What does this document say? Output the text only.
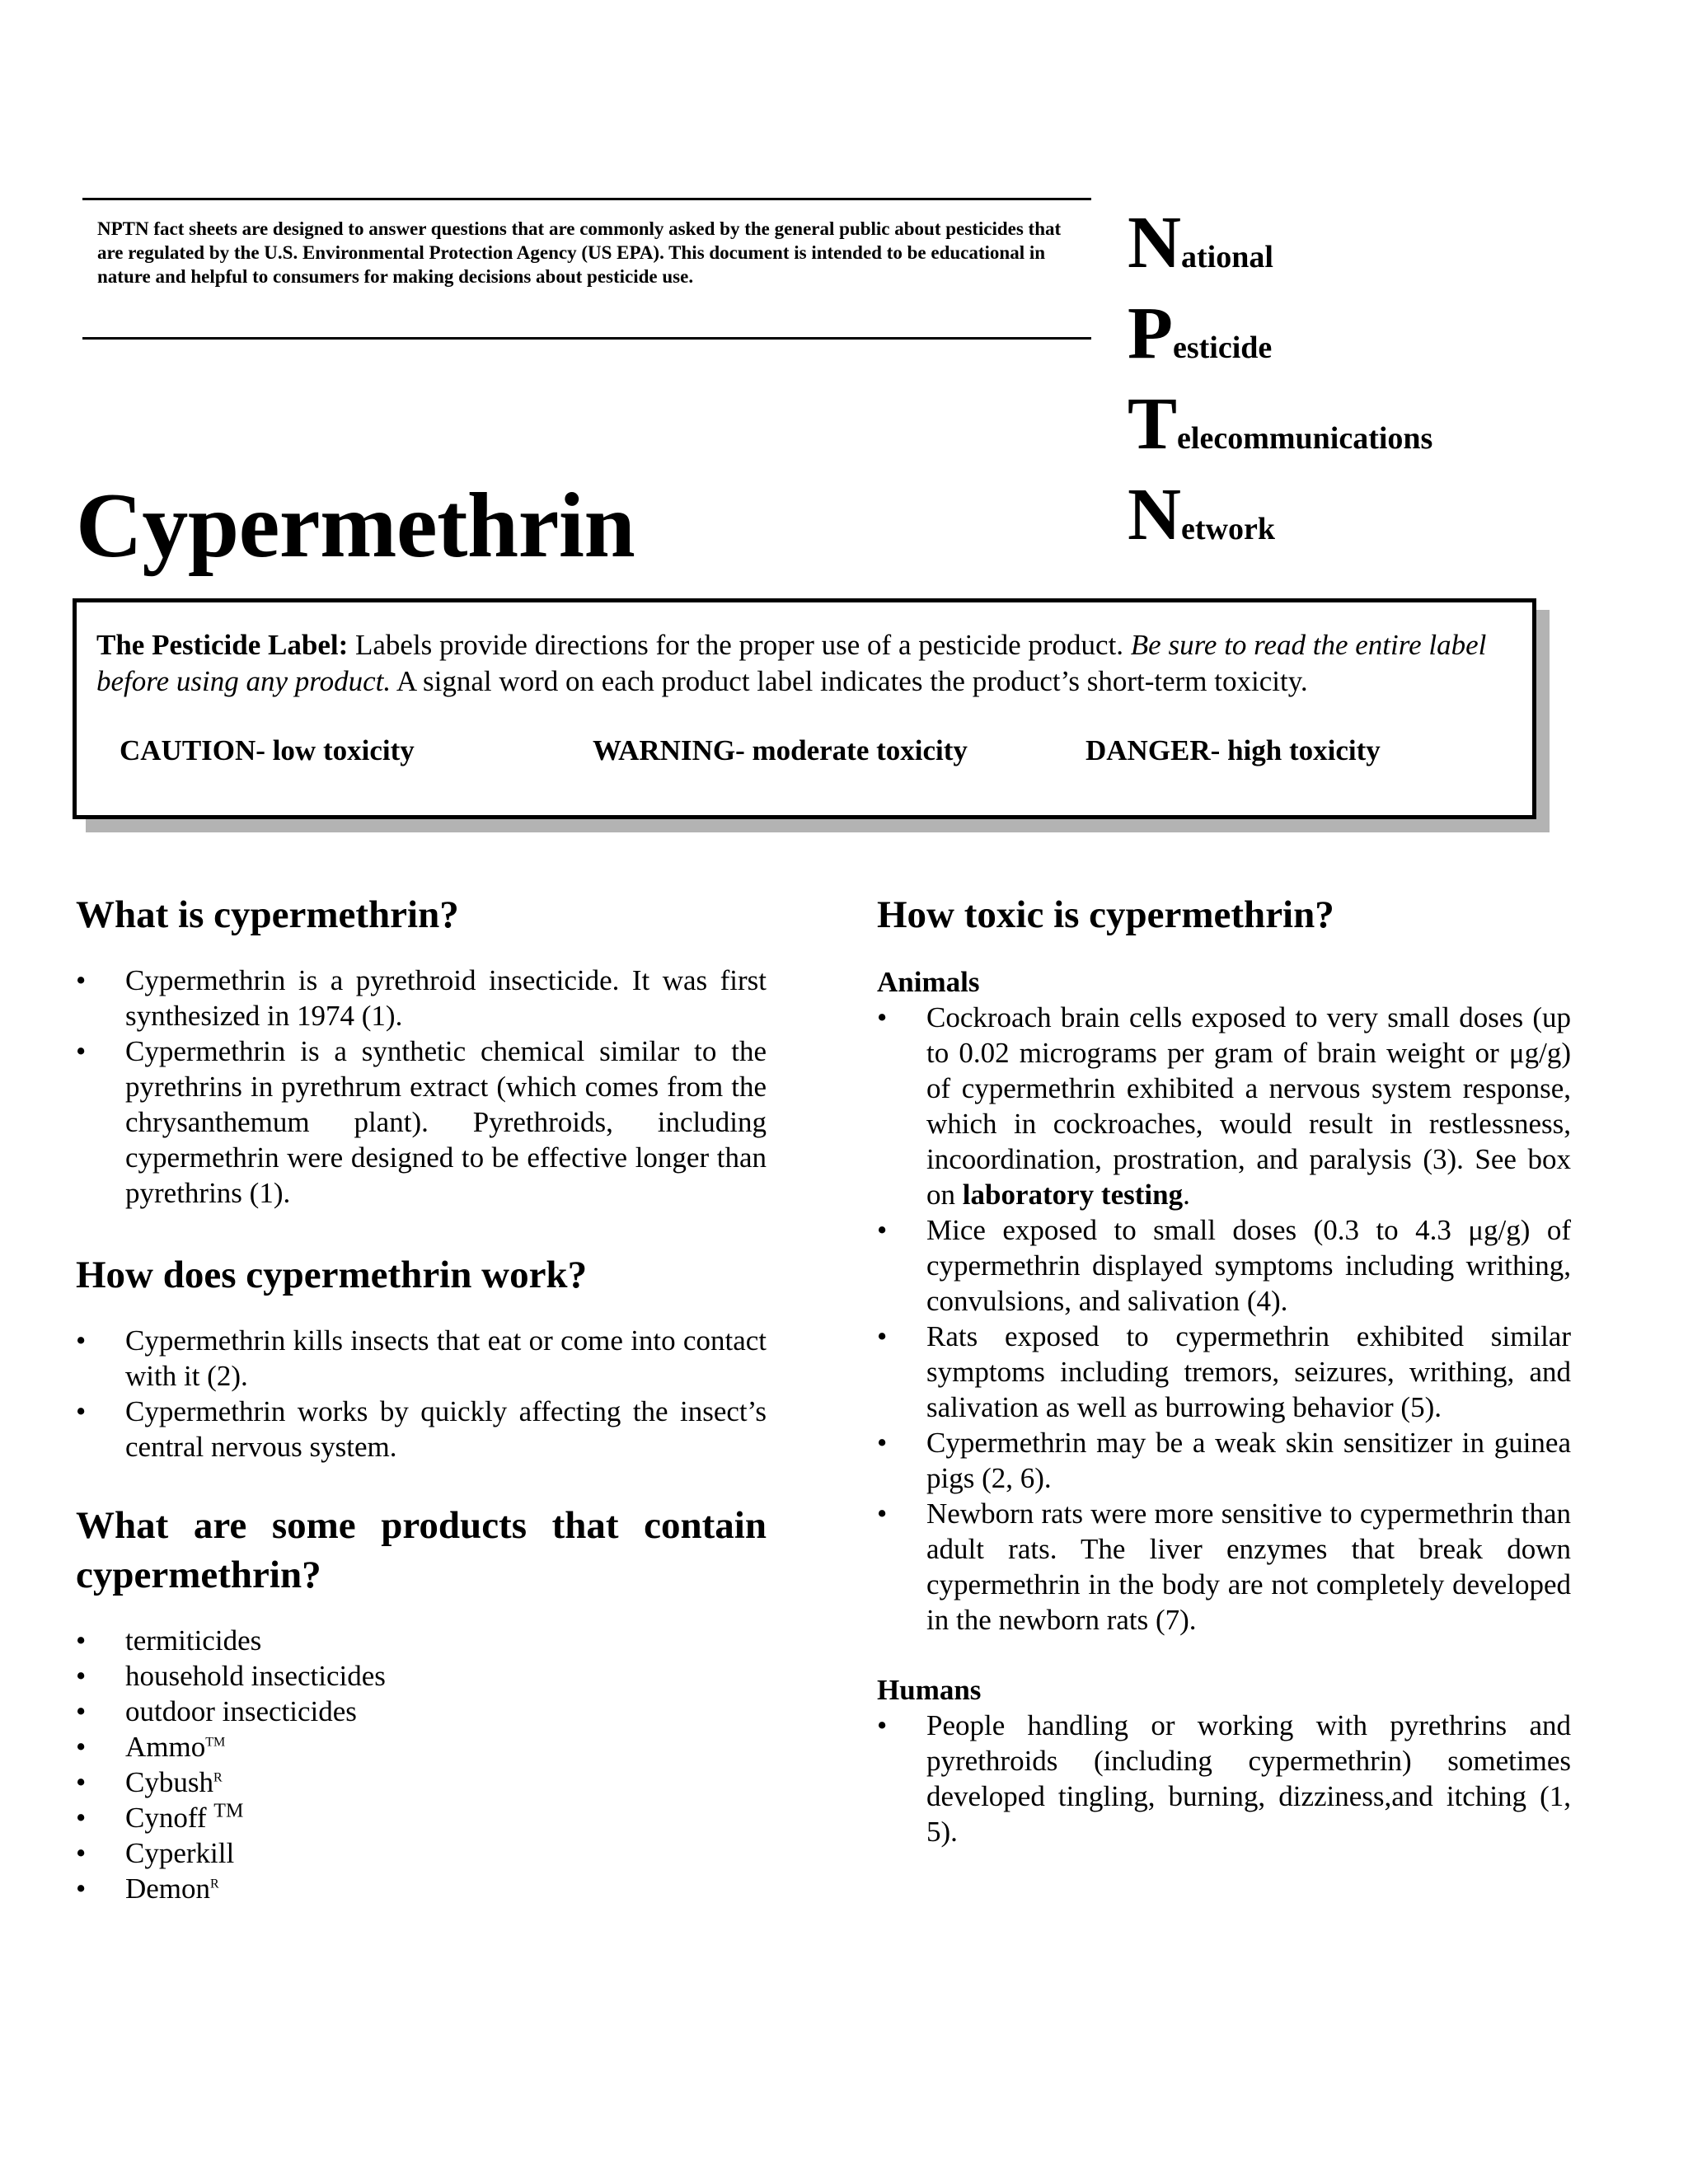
NPTN fact sheets are designed to answer questions that are commonly asked by the general public about pesticides that are regulated by the U.S. Environmental Protection Agency (US EPA). This document is intended to be educational in nature and helpful to consumers for making decisions about pesticide use.	National
Pesticide
Telecommunications
Network
Cypermethrin
The Pesticide Label: Labels provide directions for the proper use of a pesticide product. Be sure to read the entire label before using any product. A signal word on each product label indicates the product’s short-term toxicity.
CAUTION- low toxicity	WARNING- moderate toxicity	DANGER- high toxicity
What is cypermethrin?
• Cypermethrin is a pyrethroid insecticide. It was first synthesized in 1974 (1).
• Cypermethrin is a synthetic chemical similar to the pyrethrins in pyrethrum extract (which comes from the chrysanthemum plant). Pyrethroids, including cypermethrin were designed to be effective longer than pyrethrins (1).
How does cypermethrin work?
• Cypermethrin kills insects that eat or come into contact with it (2).
• Cypermethrin works by quickly affecting the insect’s central nervous system.
What are some products that contain cypermethrin?
• termiticides
• household insecticides
• outdoor insecticides
• Ammo™
• Cybush$^R$
• Cynoff ™
• Cyperkill
• Demon$^R$
How toxic is cypermethrin?
Animals
• Cockroach brain cells exposed to very small doses (up to 0.02 micrograms per gram of brain weight or μg/g) of cypermethrin exhibited a nervous system response, which in cockroaches, would result in restlessness, incoordination, prostration, and paralysis (3). See box on laboratory testing.
• Mice exposed to small doses (0.3 to 4.3 μg/g) of cypermethrin displayed symptoms including writhing, convulsions, and salivation (4).
• Rats exposed to cypermethrin exhibited similar symptoms including tremors, seizures, writhing, and salivation as well as burrowing behavior (5).
• Cypermethrin may be a weak skin sensitizer in guinea pigs (2, 6).
• Newborn rats were more sensitive to cypermethrin than adult rats. The liver enzymes that break down cypermethrin in the body are not completely developed in the newborn rats (7).
Humans
• People handling or working with pyrethrins and pyrethroids (including cypermethrin) sometimes developed tingling, burning, dizziness,and itching (1, 5).
